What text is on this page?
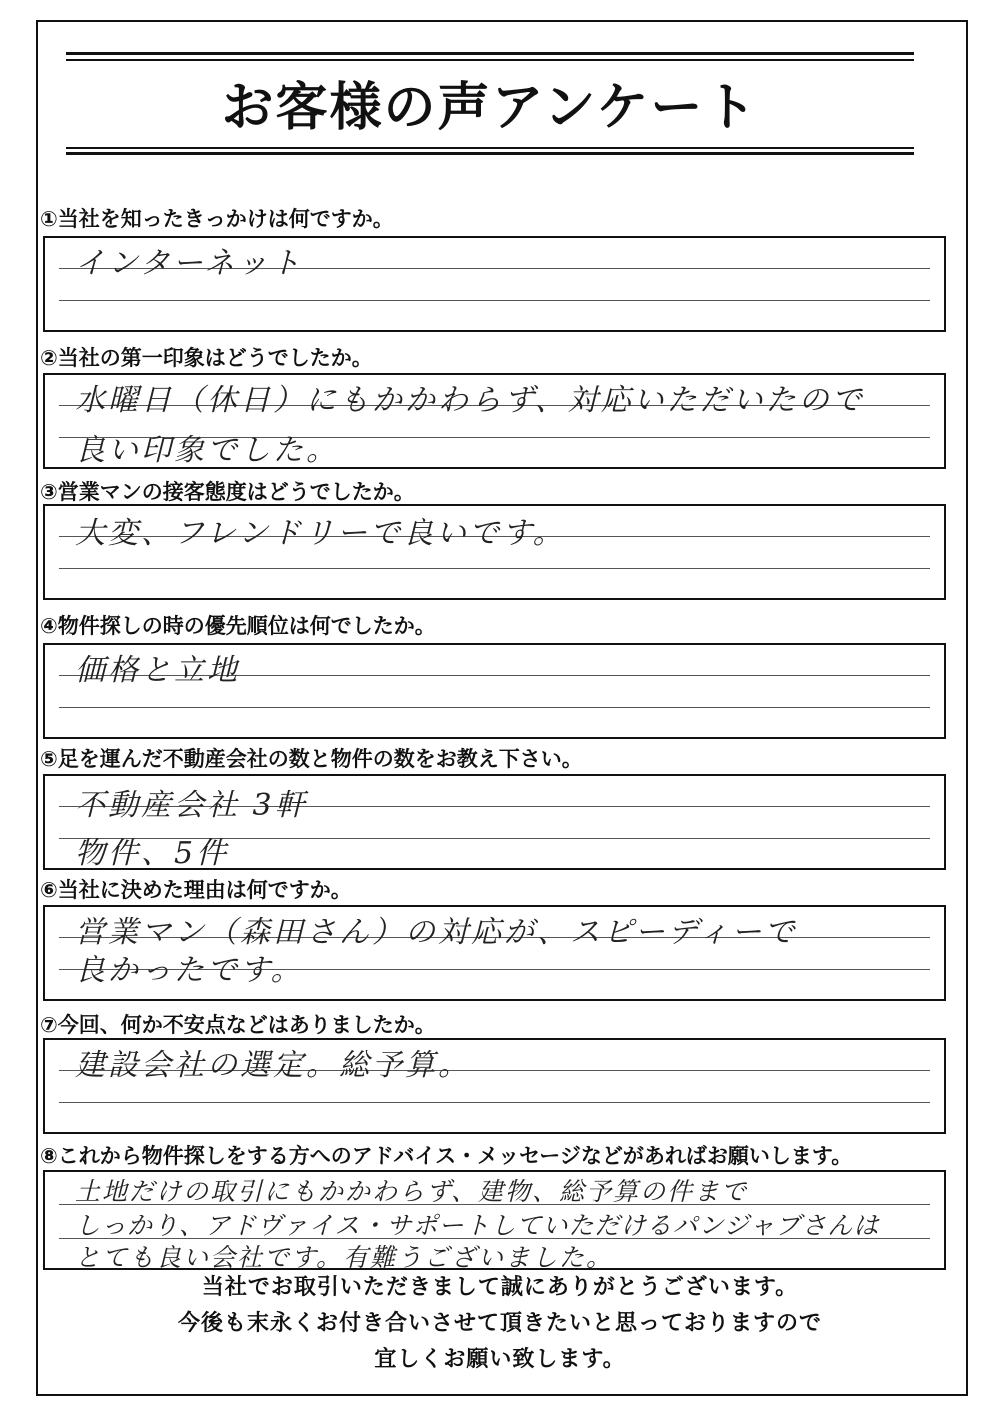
お客様の声アンケート
①当社を知ったきっかけは何ですか。
インターネット
②当社の第一印象はどうでしたか。
水曜日（休日）にもかかわらず、対応いただいたので
良い印象でした。
③営業マンの接客態度はどうでしたか。
大変、フレンドリーで良いです。
④物件探しの時の優先順位は何でしたか。
価格と立地
⑤足を運んだ不動産会社の数と物件の数をお教え下さい。
不動産会社 3軒
物件、5件
⑥当社に決めた理由は何ですか。
営業マン（森田さん）の対応が、スピーディーで
良かったです。
⑦今回、何か不安点などはありましたか。
建設会社の選定。総予算。
⑧これから物件探しをする方へのアドバイス・メッセージなどがあればお願いします。
土地だけの取引にもかかわらず、建物、総予算の件まで
しっかり、アドヴァイス・サポートしていただけるパンジャブさんは
とても良い会社です。有難うございました。
当社でお取引いただきまして誠にありがとうございます。
今後も末永くお付き合いさせて頂きたいと思っておりますので
宜しくお願い致します。
